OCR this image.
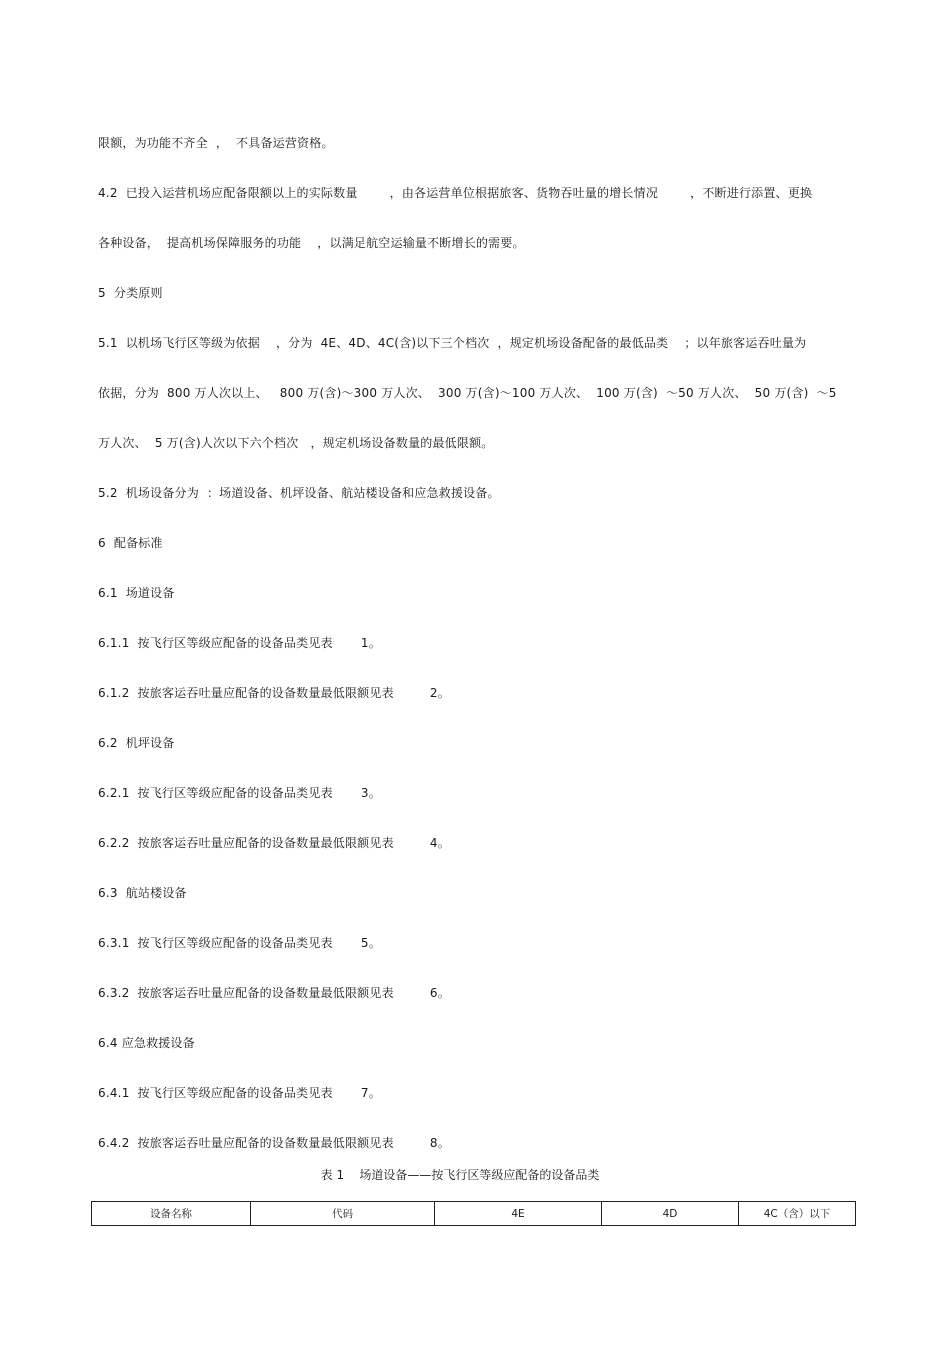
限额，为功能不齐全  ，  不具备运营资格。
4.2  已投入运营机场应配备限额以上的实际数量        ，由各运营单位根据旅客、货物吞吐量的增长情况        ，不断进行添置、更换
各种设备，  提高机场保障服务的功能    ，以满足航空运输量不断增长的需要。
5  分类原则
5.1  以机场飞行区等级为依据    ，分为  4E、4D、4C(含)以下三个档次  ，规定机场设备配备的最低品类    ；以年旅客运吞吐量为
依据，分为  800 万人次以上、   800 万(含)～300 万人次、  300 万(含)～100 万人次、  100 万(含)  ～50 万人次、  50 万(含)  ～5
万人次、  5 万(含)人次以下六个档次   ，规定机场设备数量的最低限额。
5.2  机场设备分为  ：场道设备、机坪设备、航站楼设备和应急救援设备。
6  配备标准
6.1  场道设备
6.1.1  按飞行区等级应配备的设备品类见表       1。
6.1.2  按旅客运吞吐量应配备的设备数量最低限额见表         2。
6.2  机坪设备
6.2.1  按飞行区等级应配备的设备品类见表       3。
6.2.2  按旅客运吞吐量应配备的设备数量最低限额见表         4。
6.3  航站楼设备
6.3.1  按飞行区等级应配备的设备品类见表       5。
6.3.2  按旅客运吞吐量应配备的设备数量最低限额见表         6。
6.4 应急救援设备
6.4.1  按飞行区等级应配备的设备品类见表       7。
6.4.2  按旅客运吞吐量应配备的设备数量最低限额见表         8。
表 1    场道设备——按飞行区等级应配备的设备品类
设备名称	代码	4E	4D	4C（含）以下
